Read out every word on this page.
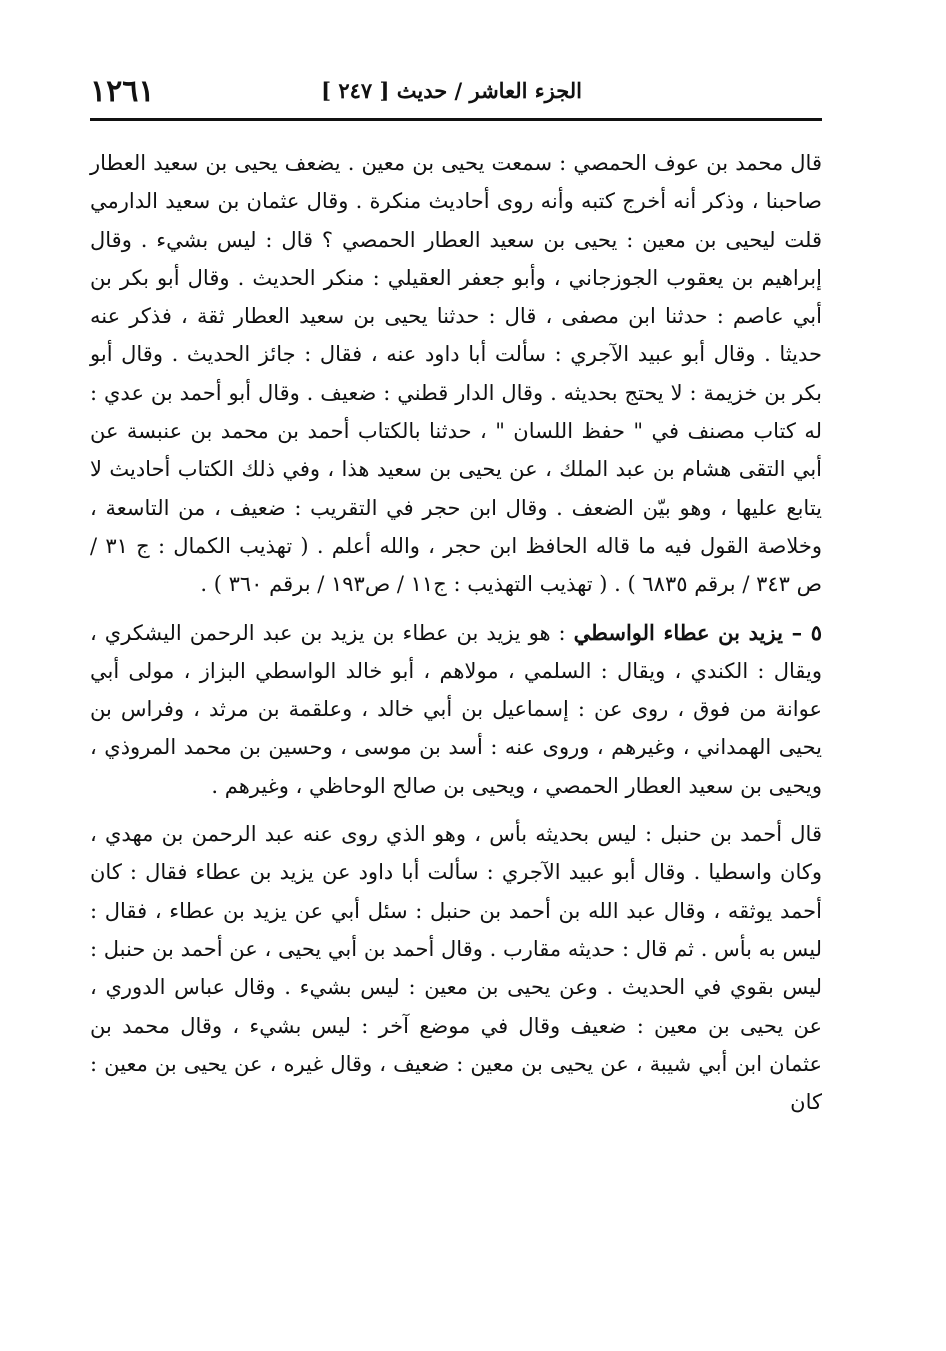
الجزء العاشر / حديث [ ٢٤٧ ]
١٢٦١

قال محمد بن عوف الحمصي : سمعت يحيى بن معين . يضعف يحيى بن سعيد العطار صاحبنا ، وذكر أنه أخرج كتبه وأنه روى أحاديث منكرة . وقال عثمان بن سعيد الدارمي قلت ليحيى بن معين : يحيى بن سعيد العطار الحمصي ؟ قال : ليس بشيء . وقال إبراهيم بن يعقوب الجوزجاني ، وأبو جعفر العقيلي : منكر الحديث . وقال أبو بكر بن أبي عاصم : حدثنا ابن مصفى ، قال : حدثنا يحيى بن سعيد العطار ثقة ، فذكر عنه حديثا . وقال أبو عبيد الآجري : سألت أبا داود عنه ، فقال : جائز الحديث . وقال أبو بكر بن خزيمة : لا يحتج بحديثه . وقال الدار قطني : ضعيف . وقال أبو أحمد بن عدي : له كتاب مصنف في " حفظ اللسان " ، حدثنا بالكتاب أحمد بن محمد بن عنبسة عن أبي التقى هشام بن عبد الملك ، عن يحيى بن سعيد هذا ، وفي ذلك الكتاب أحاديث لا يتابع عليها ، وهو بيّن الضعف . وقال ابن حجر في التقريب : ضعيف ، من التاسعة ، وخلاصة القول فيه ما قاله الحافظ ابن حجر ، والله أعلم . ( تهذيب الكمال : ج ٣١ / ص ٣٤٣ / برقم ٦٨٣٥ ) . ( تهذيب التهذيب : ج١١ / ص١٩٣ / برقم ٣٦٠ ) .

٥ – يزيد بن عطاء الواسطي : هو يزيد بن عطاء بن يزيد بن عبد الرحمن اليشكري ، ويقال : الكندي ، ويقال : السلمي ، مولاهم ، أبو خالد الواسطي البزاز ، مولى أبي عوانة من فوق ، روى عن : إسماعيل بن أبي خالد ، وعلقمة بن مرثد ، وفراس بن يحيى الهمداني ، وغيرهم ، وروى عنه : أسد بن موسى ، وحسين بن محمد المروذي ، ويحيى بن سعيد العطار الحمصي ، ويحيى بن صالح الوحاظي ، وغيرهم .

قال أحمد بن حنبل : ليس بحديثه بأس ، وهو الذي روى عنه عبد الرحمن بن مهدي ، وكان واسطيا . وقال أبو عبيد الآجري : سألت أبا داود عن يزيد بن عطاء فقال : كان أحمد يوثقه ، وقال عبد الله بن أحمد بن حنبل : سئل أبي عن يزيد بن عطاء ، فقال : ليس به بأس . ثم قال : حديثه مقارب . وقال أحمد بن أبي يحيى ، عن أحمد بن حنبل : ليس بقوي في الحديث . وعن يحيى بن معين : ليس بشيء . وقال عباس الدوري ، عن يحيى بن معين : ضعيف وقال في موضع آخر : ليس بشيء ، وقال محمد بن عثمان ابن أبي شيبة ، عن يحيى بن معين : ضعيف ، وقال غيره ، عن يحيى بن معين : كان
